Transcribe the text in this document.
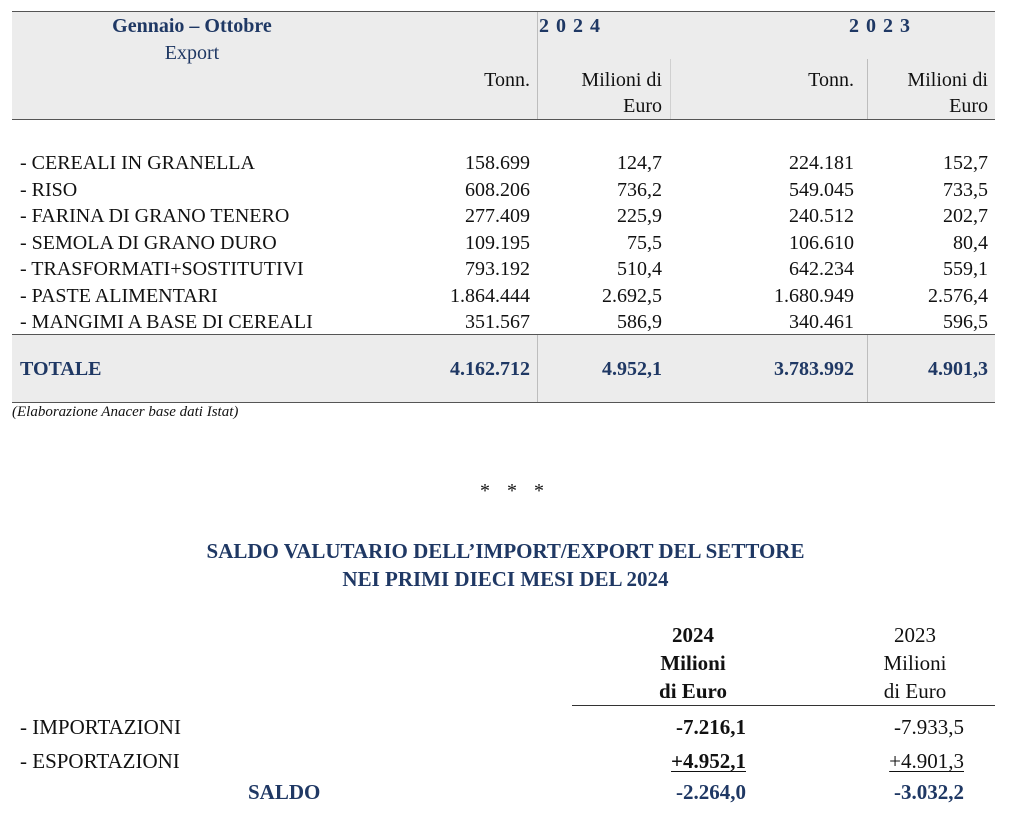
Gennaio – Ottobre
Export
2 0 2 4	2 0 2 3
Tonn.	Milioni di
Euro
Tonn.	Milioni di
Euro
- CEREALI IN GRANELLA	158.699	124,7	224.181	152,7
- RISO	608.206	736,2	549.045	733,5
- FARINA DI GRANO TENERO	277.409	225,9	240.512	202,7
- SEMOLA DI GRANO DURO	109.195	75,5	106.610	80,4
- TRASFORMATI+SOSTITUTIVI	793.192	510,4	642.234	559,1
- PASTE ALIMENTARI	1.864.444	2.692,5	1.680.949	2.576,4
- MANGIMI A BASE DI CEREALI	351.567	586,9	340.461	596,5
TOTALE	4.162.712	4.952,1	3.783.992	4.901,3
(Elaborazione Anacer base dati Istat)
* * *
SALDO VALUTARIO DELL’IMPORT/EXPORT DEL SETTORE
NEI PRIMI DIECI MESI DEL 2024
2024
Milioni
di Euro
2023
Milioni
di Euro
- IMPORTAZIONI	-7.216,1	-7.933,5
- ESPORTAZIONI	+4.952,1	+4.901,3
SALDO	-2.264,0	-3.032,2
